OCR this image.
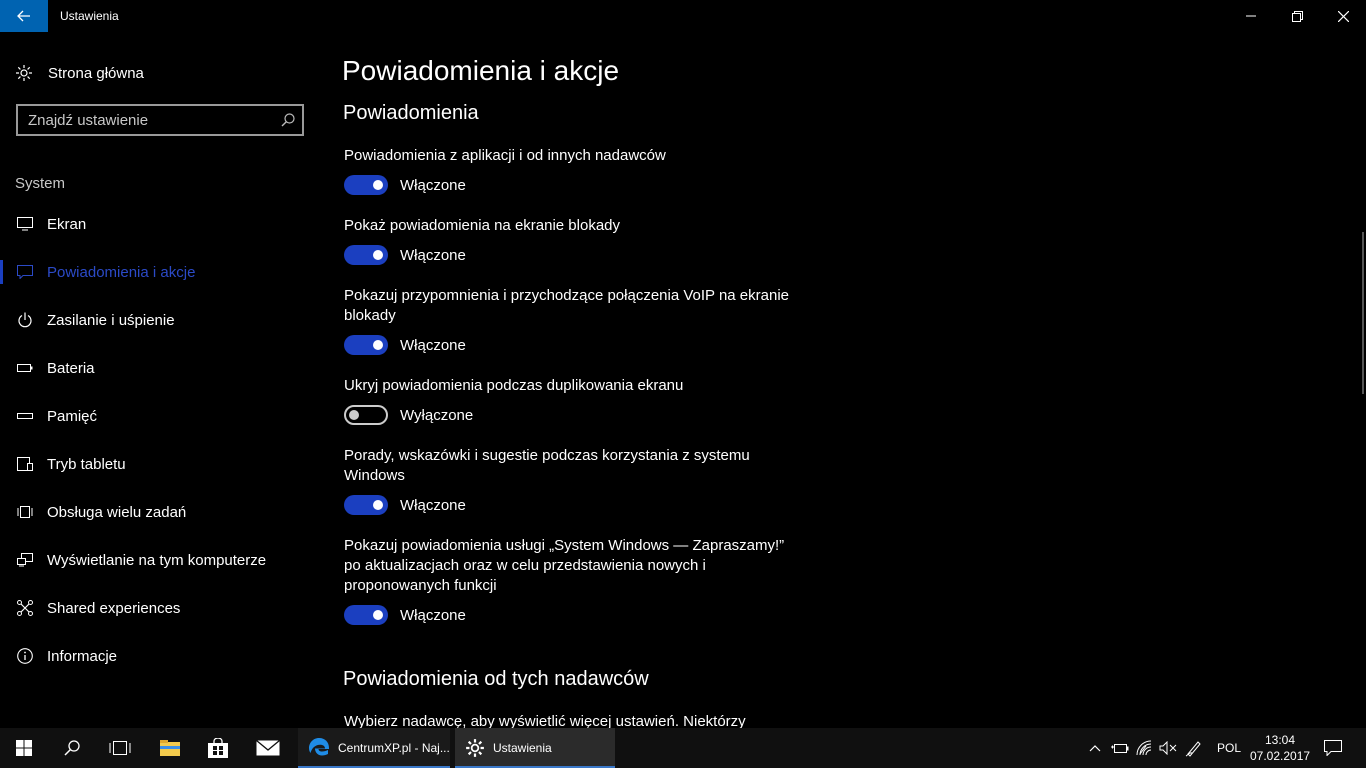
Ustawienia
Strona główna
Znajdź ustawienie
System
Ekran
Powiadomienia i akcje
Zasilanie i uśpienie
Bateria
Pamięć
Tryb tabletu
Obsługa wielu zadań
Wyświetlanie na tym komputerze
Shared experiences
Informacje
Powiadomienia i akcje
Powiadomienia
Powiadomienia z aplikacji i od innych nadawców
Włączone
Pokaż powiadomienia na ekranie blokady
Włączone
Pokazuj przypomnienia i przychodzące połączenia VoIP na ekranie blokady
Włączone
Ukryj powiadomienia podczas duplikowania ekranu
Wyłączone
Porady, wskazówki i sugestie podczas korzystania z systemu Windows
Włączone
Pokazuj powiadomienia usługi „System Windows — Zapraszamy!” po aktualizacjach oraz w celu przedstawienia nowych i proponowanych funkcji
Włączone
Powiadomienia od tych nadawców
Wybierz nadawcę, aby wyświetlić więcej ustawień. Niektórzy
CentrumXP.pl - Naj...	Ustawienia	POL
13:04
07.02.2017
